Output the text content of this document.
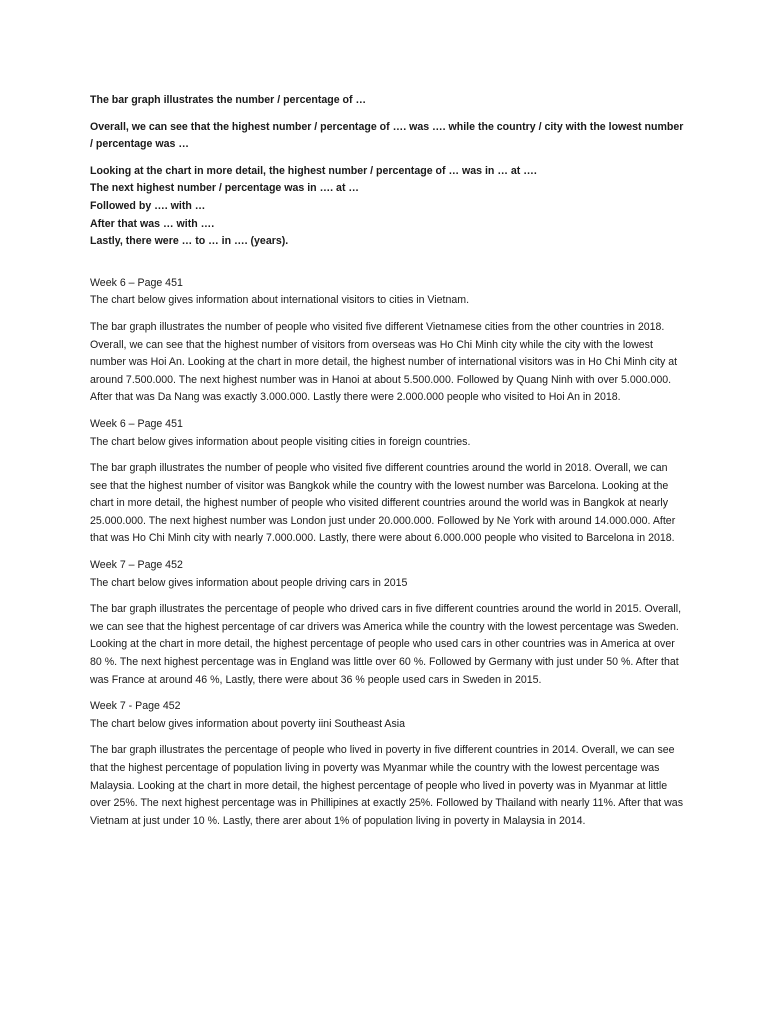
The bar graph illustrates the number / percentage of …

Overall, we can see that the highest number / percentage of …. was …. while the country / city with the lowest number / percentage was …

Looking at the chart in more detail, the highest number / percentage of … was in … at ….

The next highest number / percentage was in …. at …

Followed by …. with …

After that was … with ….

Lastly, there were … to … in …. (years).

Week 6 – Page 451

The chart below gives information about international visitors to cities in Vietnam.

The bar graph illustrates the number of people who visited five different Vietnamese cities from the other countries in 2018. Overall, we can see that the highest number of visitors from overseas was Ho Chi Minh city while the city with the lowest number was Hoi An. Looking at the chart in more detail, the highest number of international visitors was in Ho Chi Minh city at around 7.500.000. The next highest number was in Hanoi at about 5.500.000. Followed by Quang Ninh with over 5.000.000. After that was Da Nang was exactly 3.000.000. Lastly there were 2.000.000 people who visited to Hoi An in 2018.

Week 6 – Page 451

The chart below gives information about people visiting cities in foreign countries.

The bar graph illustrates the number of people who visited five different countries around the world in 2018. Overall, we can see that the highest number of visitor was Bangkok while the country with the lowest number was Barcelona. Looking at the chart in more detail, the highest number of people who visited different countries around the world was in Bangkok at nearly 25.000.000. The next highest number was London just under 20.000.000. Followed by Ne York with around 14.000.000. After that was Ho Chi Minh city with nearly 7.000.000. Lastly, there were about 6.000.000 people who visited to Barcelona in 2018.

Week 7 – Page 452

The chart below gives information about people driving cars in 2015

The bar graph illustrates the percentage of people who drived cars in five different countries around the world in 2015. Overall, we can see that the highest percentage of car drivers was America while the country with the lowest percentage was Sweden. Looking at the chart in more detail, the highest percentage of people who used cars in other countries was in America at over 80 %. The next highest percentage was in England was little over 60 %. Followed by Germany with just under 50 %. After that was France at around 46 %, Lastly, there were about 36 % people used cars in Sweden in 2015.

Week 7 - Page 452

The chart below gives information about poverty iini Southeast Asia

The bar graph illustrates the percentage of people who lived in poverty in five different countries in 2014. Overall, we can see that the highest percentage of population living in poverty was Myanmar while the country with the lowest percentage was Malaysia. Looking at the chart in more detail, the highest percentage of people who lived in poverty was in Myanmar at little over 25%. The next highest percentage was in Phillipines at exactly 25%. Followed by Thailand with nearly 11%. After that was Vietnam at just under 10 %. Lastly, there arer about 1% of population living in poverty in Malaysia in 2014.
